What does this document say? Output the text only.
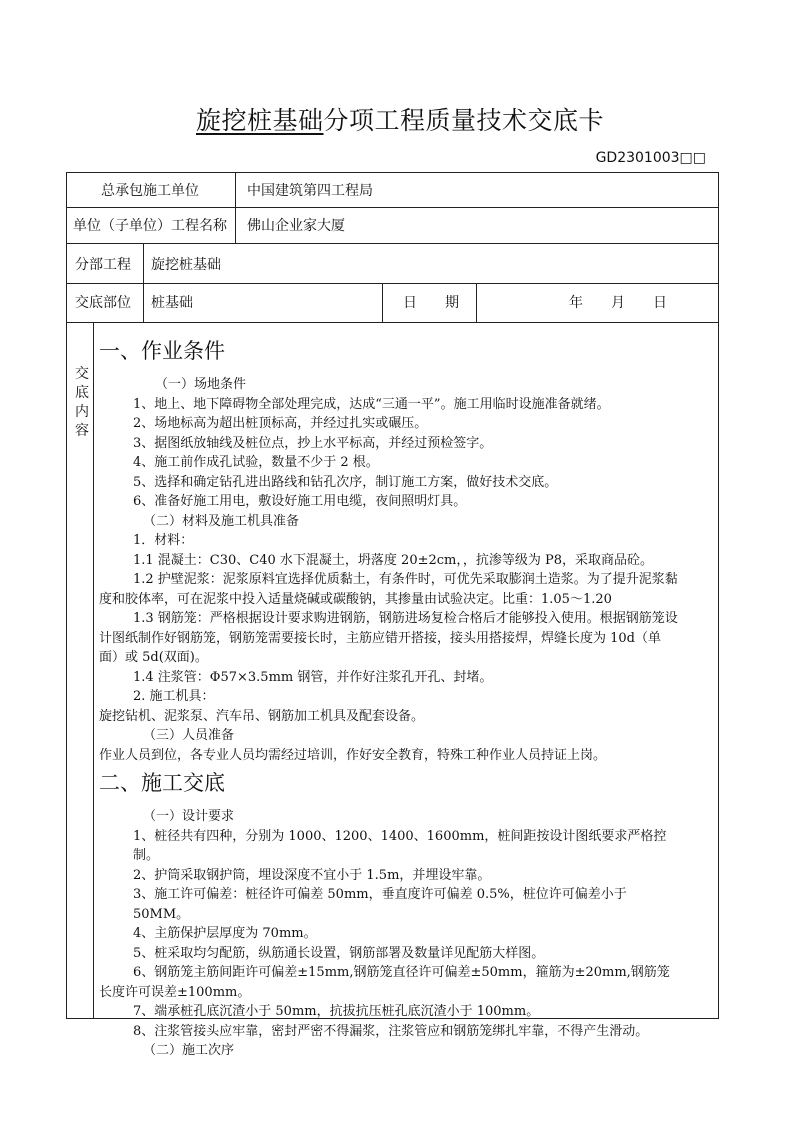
旋挖桩基础分项工程质量技术交底卡
GD2301003□□
总承包施工单位	中国建筑第四工程局
单位（子单位）工程名称 佛山企业家大厦
分部工程 旋挖桩基础
交底部位 桩基础	日　　期	年　　月　　日
交
底
内
容
一、作业条件

（一）场地条件

1、地上、地下障碍物全部处理完成，达成“三通一平”。施工用临时设施准备就绪。

2、场地标高为超出桩顶标高，并经过扎实或碾压。

3、据图纸放轴线及桩位点，抄上水平标高，并经过预检签字。

4、施工前作成孔试验，数量不少于 2 根。

5、选择和确定钻孔进出路线和钻孔次序，制订施工方案，做好技术交底。

6、准备好施工用电，敷设好施工用电缆，夜间照明灯具。

（二）材料及施工机具准备

1．材料：

1.1 混凝土：C30、C40 水下混凝土，坍落度 20±2cm，，抗渗等级为 P8，采取商品砼。

1.2 护壁泥浆：泥浆原料宜选择优质黏土，有条件时，可优先采取膨润土造浆。为了提升泥浆黏度和胶体率，可在泥浆中投入适量烧碱或碳酸钠，其掺量由试验决定。比重：1.05～1.20

1.3 钢筋笼：严格根据设计要求购进钢筋，钢筋进场复检合格后才能够投入使用。根据钢筋笼设计图纸制作好钢筋笼，钢筋笼需要接长时，主筋应错开搭接，接头用搭接焊，焊缝长度为 10d（单面）或 5d(双面)。

1.4 注浆管：Φ57×3.5mm 钢管，并作好注浆孔开孔、封堵。

2. 施工机具：

旋挖钻机、泥浆泵、汽车吊、钢筋加工机具及配套设备。

（三）人员准备

作业人员到位，各专业人员均需经过培训，作好安全教育，特殊工种作业人员持证上岗。

二、施工交底

（一）设计要求

1、桩径共有四种，分别为 1000、1200、1400、1600mm，桩间距按设计图纸要求严格控制。

2、护筒采取钢护筒，埋设深度不宜小于 1.5m，并埋设牢靠。

3、施工许可偏差：桩径许可偏差 50mm，垂直度许可偏差 0.5%，桩位许可偏差小于 50MM。

4、主筋保护层厚度为 70mm。

5、桩采取均匀配筋，纵筋通长设置，钢筋部署及数量详见配筋大样图。

6、钢筋笼主筋间距许可偏差±15mm,钢筋笼直径许可偏差±50mm，箍筋为±20mm,钢筋笼长度许可误差±100mm。

7、端承桩孔底沉渣小于 50mm，抗拔抗压桩孔底沉渣小于 100mm。

8、注浆管接头应牢靠，密封严密不得漏浆，注浆管应和钢筋笼绑扎牢靠，不得产生滑动。

（二）施工次序
